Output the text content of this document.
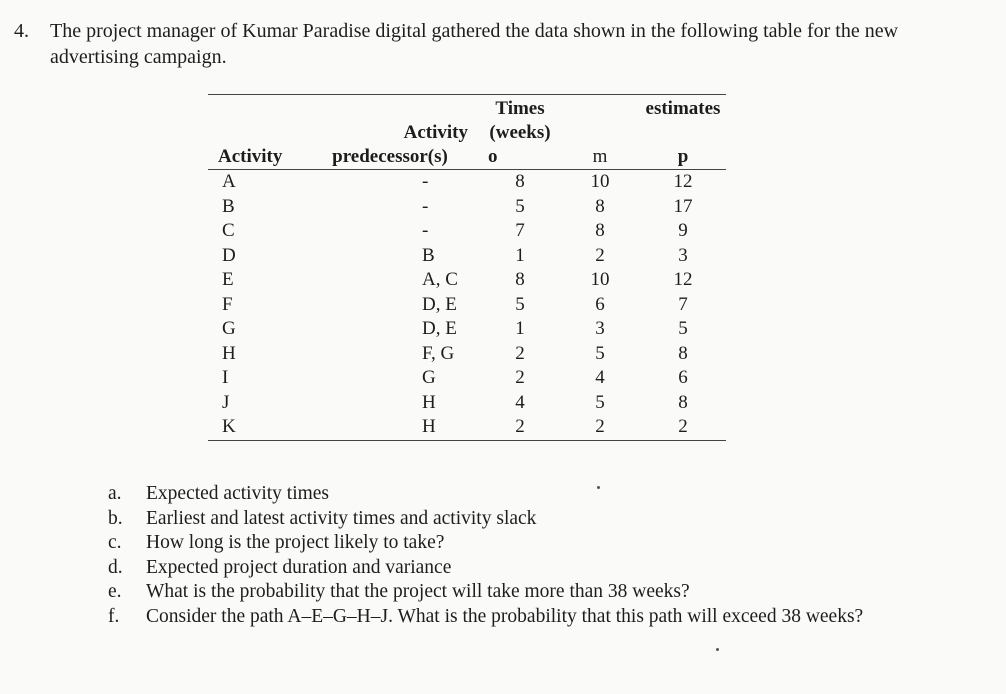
4. The project manager of Kumar Paradise digital gathered the data shown in the following table for the new advertising campaign.

		Times		estimates
	Activity	(weeks)		
Activity	predecessor(s)	o	m	p
A	-	8	10	12
B	-	5	8	17
C	-	7	8	9
D	B	1	2	3
E	A, C	8	10	12
F	D, E	5	6	7
G	D, E	1	3	5
H	F, G	2	5	8
I	G	2	4	6
J	H	4	5	8
K	H	2	2	2
a. Expected activity times
b. Earliest and latest activity times and activity slack
c. How long is the project likely to take?
d. Expected project duration and variance
e. What is the probability that the project will take more than 38 weeks?
f. Consider the path A–E–G–H–J. What is the probability that this path will exceed 38 weeks?
